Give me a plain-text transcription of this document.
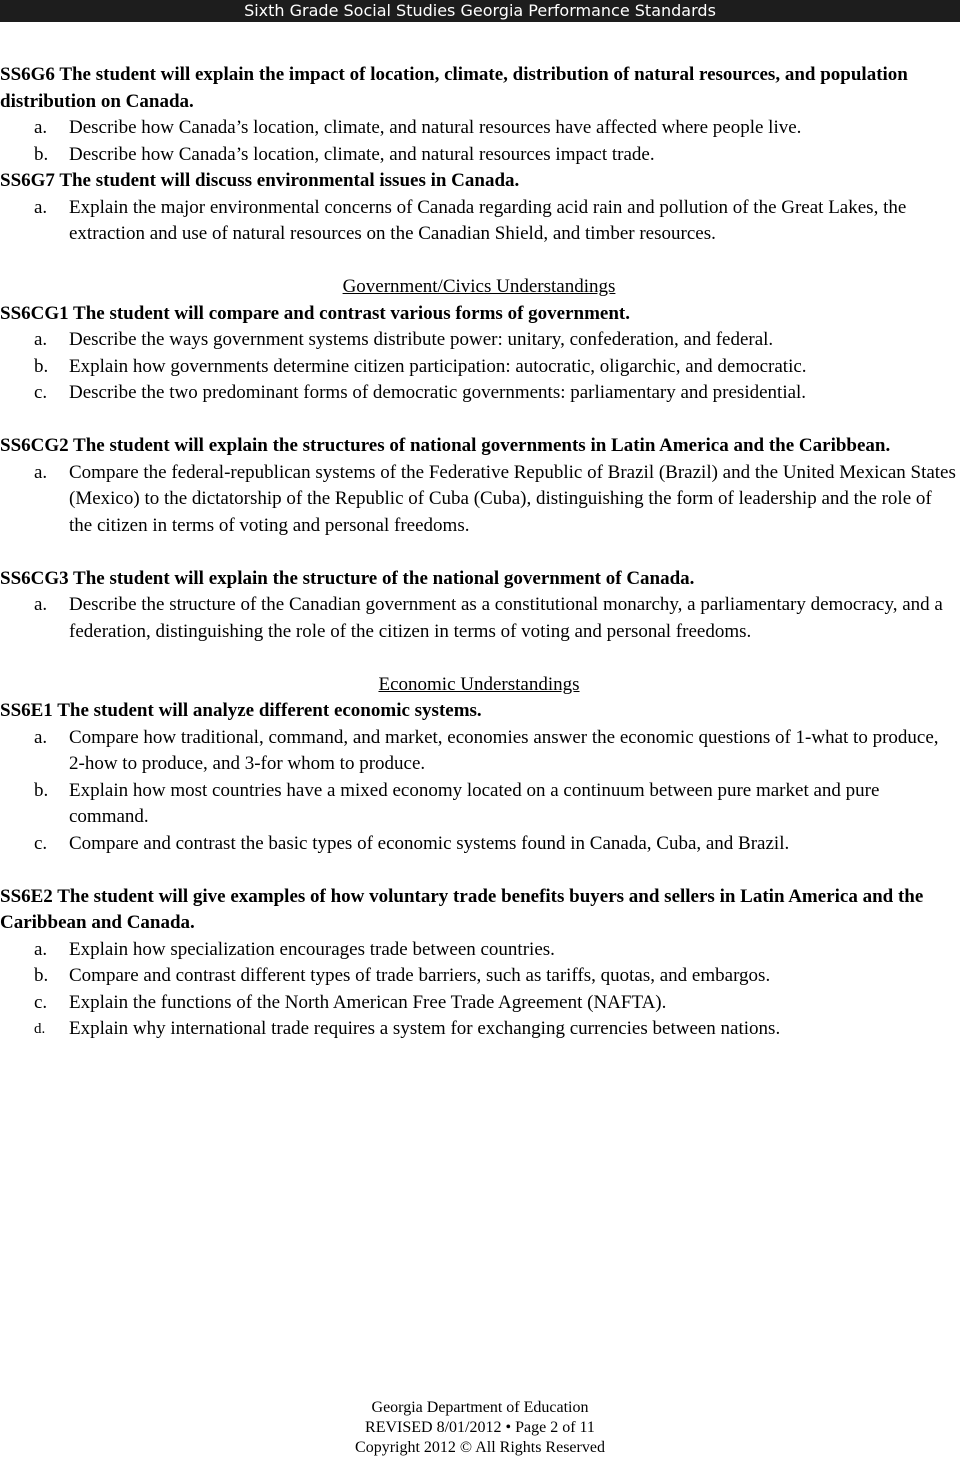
Sixth Grade Social Studies Georgia Performance Standards
SS6G6 The student will explain the impact of location, climate, distribution of natural resources, and population distribution on Canada.
a.	Describe how Canada’s location, climate, and natural resources have affected where people live.
b.	Describe how Canada’s location, climate, and natural resources impact trade.
SS6G7 The student will discuss environmental issues in Canada.
a.	Explain the major environmental concerns of Canada regarding acid rain and pollution of the Great Lakes, the extraction and use of natural resources on the Canadian Shield, and timber resources.
Government/Civics Understandings
SS6CG1 The student will compare and contrast various forms of government.
a.	Describe the ways government systems distribute power: unitary, confederation, and federal.
b.	Explain how governments determine citizen participation: autocratic, oligarchic, and democratic.
c.	Describe the two predominant forms of democratic governments: parliamentary and presidential.
SS6CG2 The student will explain the structures of national governments in Latin America and the Caribbean.
a.	Compare the federal-republican systems of the Federative Republic of Brazil (Brazil) and the United Mexican States (Mexico) to the dictatorship of the Republic of Cuba (Cuba), distinguishing the form of leadership and the role of the citizen in terms of voting and personal freedoms.
SS6CG3 The student will explain the structure of the national government of Canada.
a.	Describe the structure of the Canadian government as a constitutional monarchy, a parliamentary democracy, and a federation, distinguishing the role of the citizen in terms of voting and personal freedoms.
Economic Understandings
SS6E1 The student will analyze different economic systems.
a.	Compare how traditional, command, and market, economies answer the economic questions of 1-what to produce, 2-how to produce, and 3-for whom to produce.
b.	Explain how most countries have a mixed economy located on a continuum between pure market and pure command.
c.	Compare and contrast the basic types of economic systems found in Canada, Cuba, and Brazil.
SS6E2 The student will give examples of how voluntary trade benefits buyers and sellers in Latin America and the Caribbean and Canada.
a.	Explain how specialization encourages trade between countries.
b.	Compare and contrast different types of trade barriers, such as tariffs, quotas, and embargos.
c.	Explain the functions of the North American Free Trade Agreement (NAFTA).
d.	Explain why international trade requires a system for exchanging currencies between nations.
Georgia Department of Education
REVISED 8/01/2012 • Page 2 of 11
Copyright 2012 © All Rights Reserved
